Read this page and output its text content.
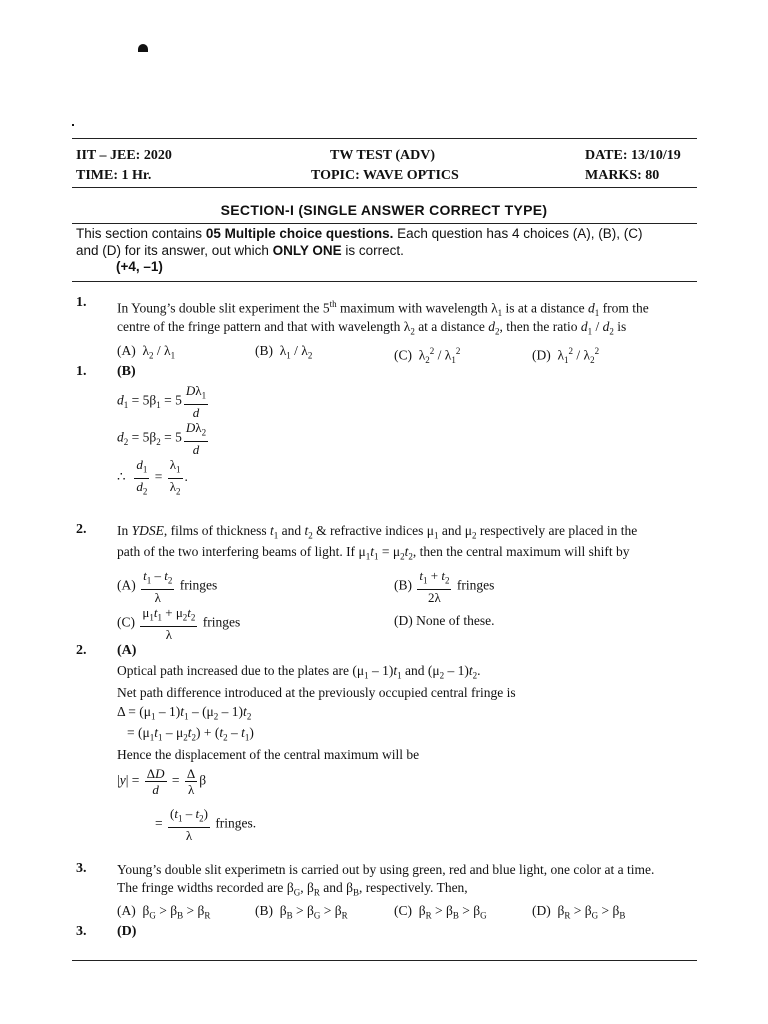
IIT – JEE: 2020	TW TEST (ADV)	DATE: 13/10/19
TIME: 1 Hr.	TOPIC: WAVE OPTICS	MARKS: 80
SECTION-I (SINGLE ANSWER CORRECT TYPE)
This section contains 05 Multiple choice questions. Each question has 4 choices (A), (B), (C)
and (D) for its answer, out which ONLY ONE is correct.
(+4, –1)
1. In Young’s double slit experiment the 5th maximum with wavelength $\lambda_1$ is at a distance $d_1$ from the
centre of the fringe pattern and that with wavelength $\lambda_2$ at a distance $d_2$, then the ratio $d_1 / d_2$ is
(A)  $\lambda_2 / \lambda_1$	(B)  $\lambda_1 / \lambda_2$	(C)  $\lambda_2^2 / \lambda_1^2$	(D)  $\lambda_1^2 / \lambda_2^2$
1. (B)
$d_1 = 5\beta_1 = 5 \frac{D\lambda_1}{d}$
$d_2 = 5\beta_2 = 5 \frac{D\lambda_2}{d}$
∴ $\frac{d_1}{d_2} = \frac{\lambda_1}{\lambda_2}$ .
2. In YDSE, films of thickness $t_1$ and $t_2$ & refractive indices $\mu_1$ and $\mu_2$ respectively are placed in the
path of the two interfering beams of light. If $\mu_1t_1 = \mu_2t_2$, then the central maximum will shift by
$(A) \frac{t_1 - t_2}{\lambda}$ fringes	$(B) \frac{t_1 + t_2}{2\lambda}$ fringes
$(C) \frac{\mu_1t_1 + \mu_2t_2}{\lambda}$ fringes	(D) None of these.
2. (A)
Optical path increased due to the plates are $(\mu_1 - 1)t_1$ and $(\mu_2 - 1)t_2$.
Net path difference introduced at the previously occupied central fringe is
$\Delta = (\mu_1 - 1)t_1 - (\mu_2 - 1)t_2$
= $(\mu_1t_1 - \mu_2t_2) + (t_2 - t_1)$
Hence the displacement of the central maximum will be
$|y| = \frac{\Delta D}{d} = \frac{\Delta}{\lambda}$ β
= $\frac{(t_1 - t_2)}{\lambda}$ fringes.
3. Young’s double slit experimetn is carried out by using green, red and blue light, one color at a time.
The fringe widths recorded are $\beta_G$, $\beta_R$ and $\beta_B$, respectively. Then,
(A)  $\beta_G > \beta_B > \beta_R$	(B)  $\beta_B > \beta_G > \beta_R$	(C)  $\beta_R > \beta_B > \beta_G$	(D)  $\beta_R > \beta_G > \beta_B$
3. (D)
